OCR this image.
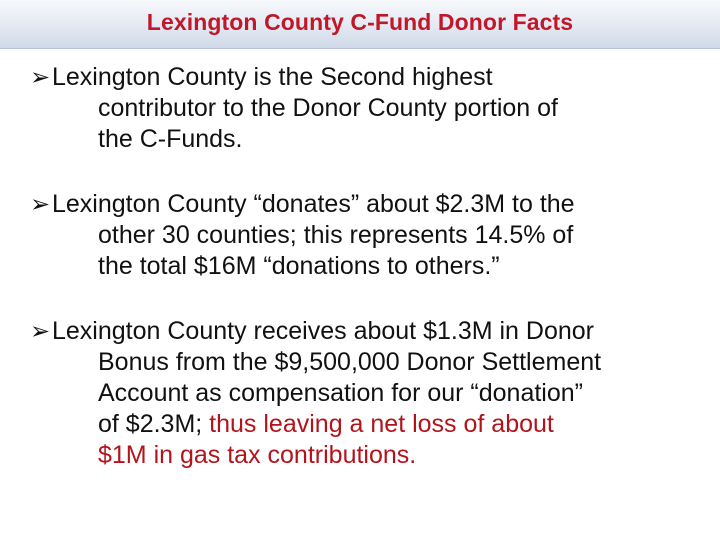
Lexington County C-Fund Donor Facts
➢ Lexington County is the Second highest
contributor to the Donor County portion of
the C-Funds.
➢ Lexington County “donates” about $2.3M to the
other 30 counties; this represents 14.5% of
the total $16M “donations to others.”
➢ Lexington County receives about $1.3M in Donor
Bonus from the $9,500,000 Donor Settlement
Account as compensation for our “donation”
of $2.3M; thus leaving a net loss of about
$1M in gas tax contributions.
